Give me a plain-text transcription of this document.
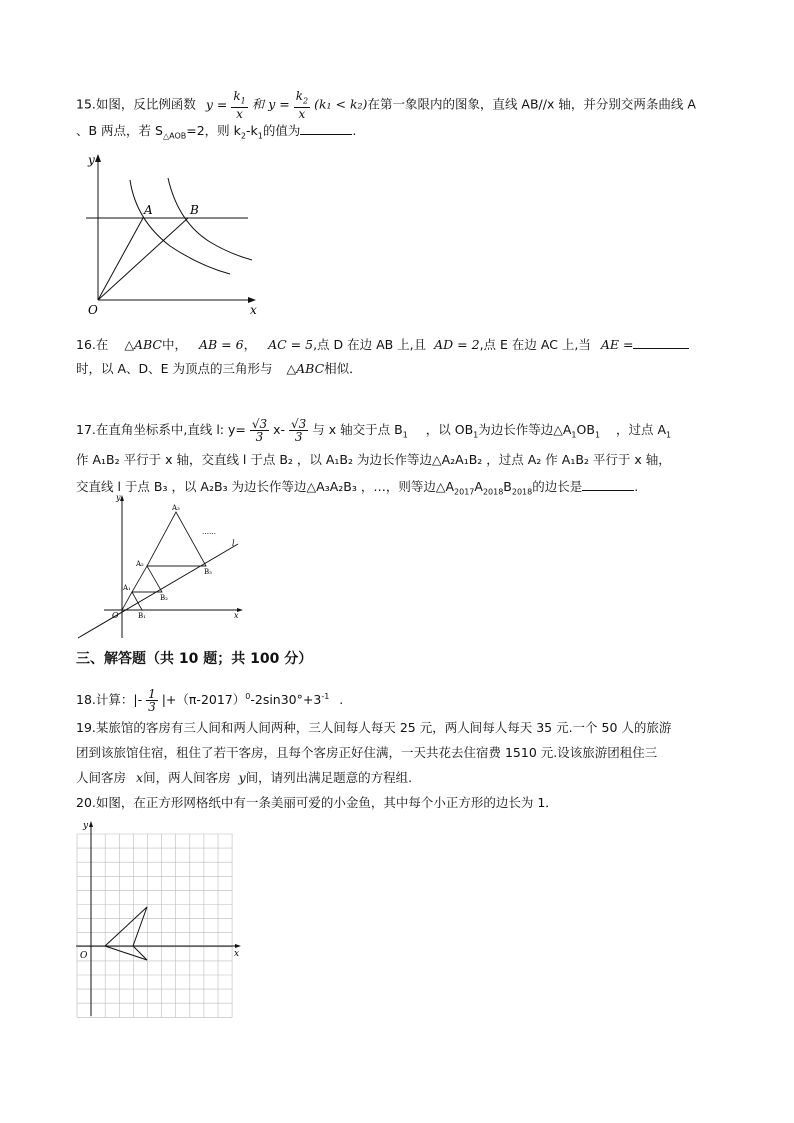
15.如图，反比例函数 $y = \frac{k_1}{x}$ 和 $y = \frac{k_2}{x} (k_1 < k_2)$在第一象限内的图象，直线 AB//x 轴，并分别交两条曲线 A
、B 两点，若 $S_{\triangle AOB}=2$，则 $k_2-k_1$的值为	.
y
x
O
A	B
16.在 △ABC中， AB = 6， AC = 5,点 D 在边 AB 上,且 AD = 2,点 E 在边 AC 上,当 AE =
时，以 A、D、E 为顶点的三角形与 △ABC相似．
17.在直角坐标系中,直线 l: $y= \frac{√3}{3} x- \frac{√3}{3}$ 与 x 轴交于点 $B_1$ ，以 $OB_1$为边长作等边$\triangle A_1OB_1$ ，过点 $A_1$
作 A₁B₂ 平行于 x 轴，交直线 l 于点 B₂ ，以 A₁B₂ 为边长作等边△A₂A₁B₂ ，过点 A₂ 作 A₁B₂ 平行于 x 轴，
交直线 l 于点 B₃ ，以 A₂B₃ 为边长作等边△A₃A₂B₃ ，…，则等边$\triangle A_{2017}A_{2018}B_{2018}$的边长是	.
y
x
O
l
A₁
A₂
A₃
B₁
B₂
B₃
……
三、解答题（共 10 题；共 100 分）
18.计算：|- $\frac{1}{3} |+(\pi-2017)^0-2\sin 30^\circ+3^{-1}$ .
19.某旅馆的客房有三人间和两人间两种，三人间每人每天 25 元，两人间每人每天 35 元.一个 50 人的旅游
团到该旅馆住宿，租住了若干客房，且每个客房正好住满，一天共花去住宿费 1510 元.设该旅游团租住三
人间客房 x间，两人间客房 y间，请列出满足题意的方程组.
20.如图，在正方形网格纸中有一条美丽可爱的小金鱼，其中每个小正方形的边长为 1．
y
x
O
